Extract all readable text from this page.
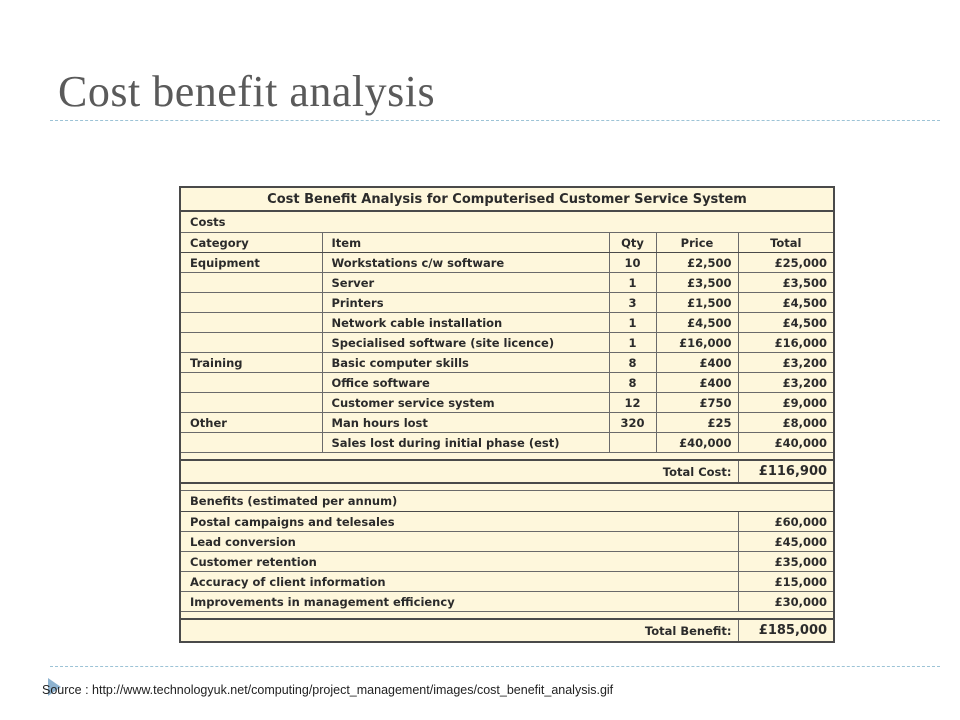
Cost benefit analysis
Cost Benefit Analysis for Computerised Customer Service System				
Costs				
Category	Item	Qty	Price	Total
Equipment	Workstations c/w software	10	£2,500	£25,000
	Server	1	£3,500	£3,500
	Printers	3	£1,500	£4,500
	Network cable installation	1	£4,500	£4,500
	Specialised software (site licence)	1	£16,000	£16,000
Training	Basic computer skills	8	£400	£3,200
	Office software	8	£400	£3,200
	Customer service system	12	£750	£9,000
Other	Man hours lost	320	£25	£8,000
	Sales lost during initial phase (est)		£40,000	£40,000

Total Cost:				£116,900

Benefits (estimated per annum)				
Postal campaigns and telesales				£60,000
Lead conversion				£45,000
Customer retention				£35,000
Accuracy of client information				£15,000
Improvements in management efficiency				£30,000

Total Benefit:				£185,000
Source : http://www.technologyuk.net/computing/project_management/images/cost_benefit_analysis.gif
